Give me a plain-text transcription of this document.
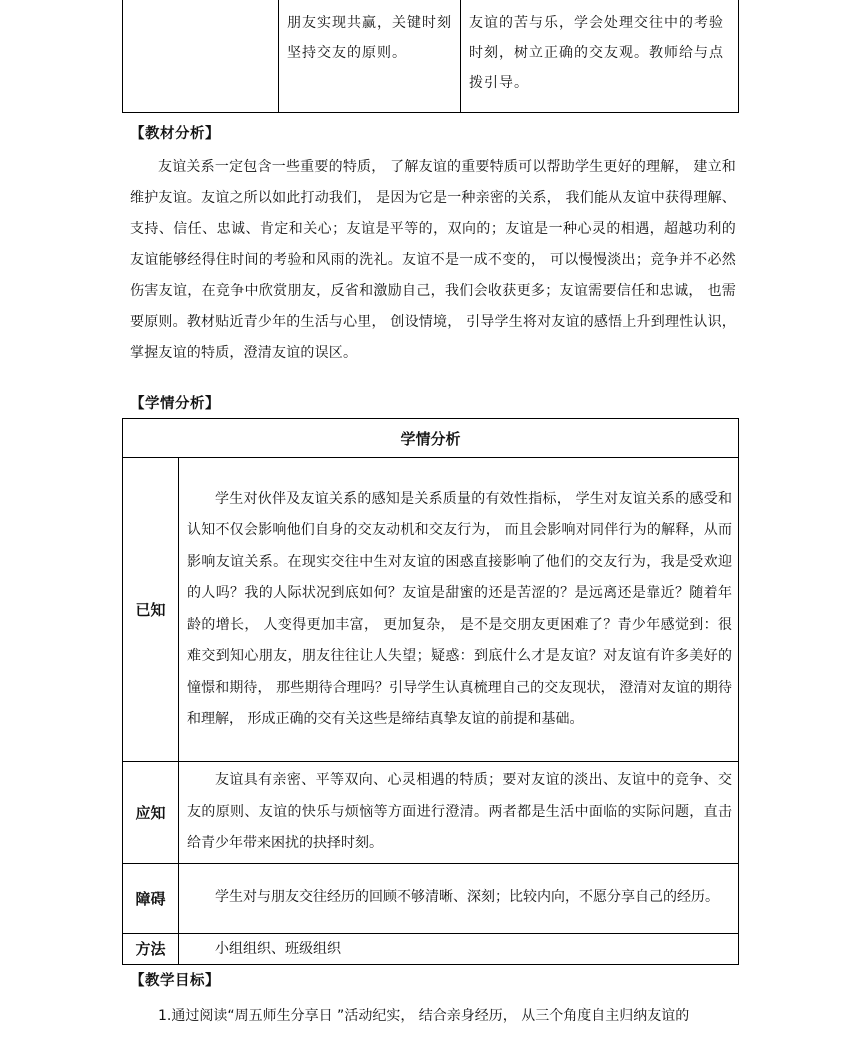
	朋友实现共赢，关键时刻坚持交友的原则。	友谊的苦与乐，学会处理交往中的考验时刻，树立正确的交友观。教师给与点拨引导。
【教材分析】
友谊关系一定包含一些重要的特质， 了解友谊的重要特质可以帮助学生更好的理解， 建立和维护友谊。友谊之所以如此打动我们， 是因为它是一种亲密的关系， 我们能从友谊中获得理解、支持、信任、忠诚、肯定和关心；友谊是平等的，双向的；友谊是一种心灵的相遇，超越功利的友谊能够经得住时间的考验和风雨的洗礼。友谊不是一成不变的， 可以慢慢淡出；竞争并不必然伤害友谊，在竞争中欣赏朋友，反省和激励自己，我们会收获更多；友谊需要信任和忠诚， 也需要原则。教材贴近青少年的生活与心里， 创设情境， 引导学生将对友谊的感悟上升到理性认识，掌握友谊的特质，澄清友谊的误区。
【学情分析】
学情分析	
已知	学生对伙伴及友谊关系的感知是关系质量的有效性指标， 学生对友谊关系的感受和认知不仅会影响他们自身的交友动机和交友行为， 而且会影响对同伴行为的解释，从而影响友谊关系。在现实交往中生对友谊的困惑直接影响了他们的交友行为，我是受欢迎的人吗？我的人际状况到底如何？友谊是甜蜜的还是苦涩的？是远离还是靠近？随着年龄的增长， 人变得更加丰富， 更加复杂， 是不是交朋友更困难了？青少年感觉到：很难交到知心朋友，朋友往往让人失望；疑惑：到底什么才是友谊？对友谊有许多美好的憧憬和期待， 那些期待合理吗？引导学生认真梳理自己的交友现状， 澄清对友谊的期待和理解， 形成正确的交有关这些是缔结真挚友谊的前提和基础。
应知	友谊具有亲密、平等双向、心灵相遇的特质；要对友谊的淡出、友谊中的竞争、交友的原则、友谊的快乐与烦恼等方面进行澄清。两者都是生活中面临的实际问题，直击给青少年带来困扰的抉择时刻。
障碍	学生对与朋友交往经历的回顾不够清晰、深刻；比较内向，不愿分享自己的经历。
方法	小组组织、班级组织
【教学目标】
1.通过阅读“周五师生分享日 ”活动纪实， 结合亲身经历， 从三个角度自主归纳友谊的
